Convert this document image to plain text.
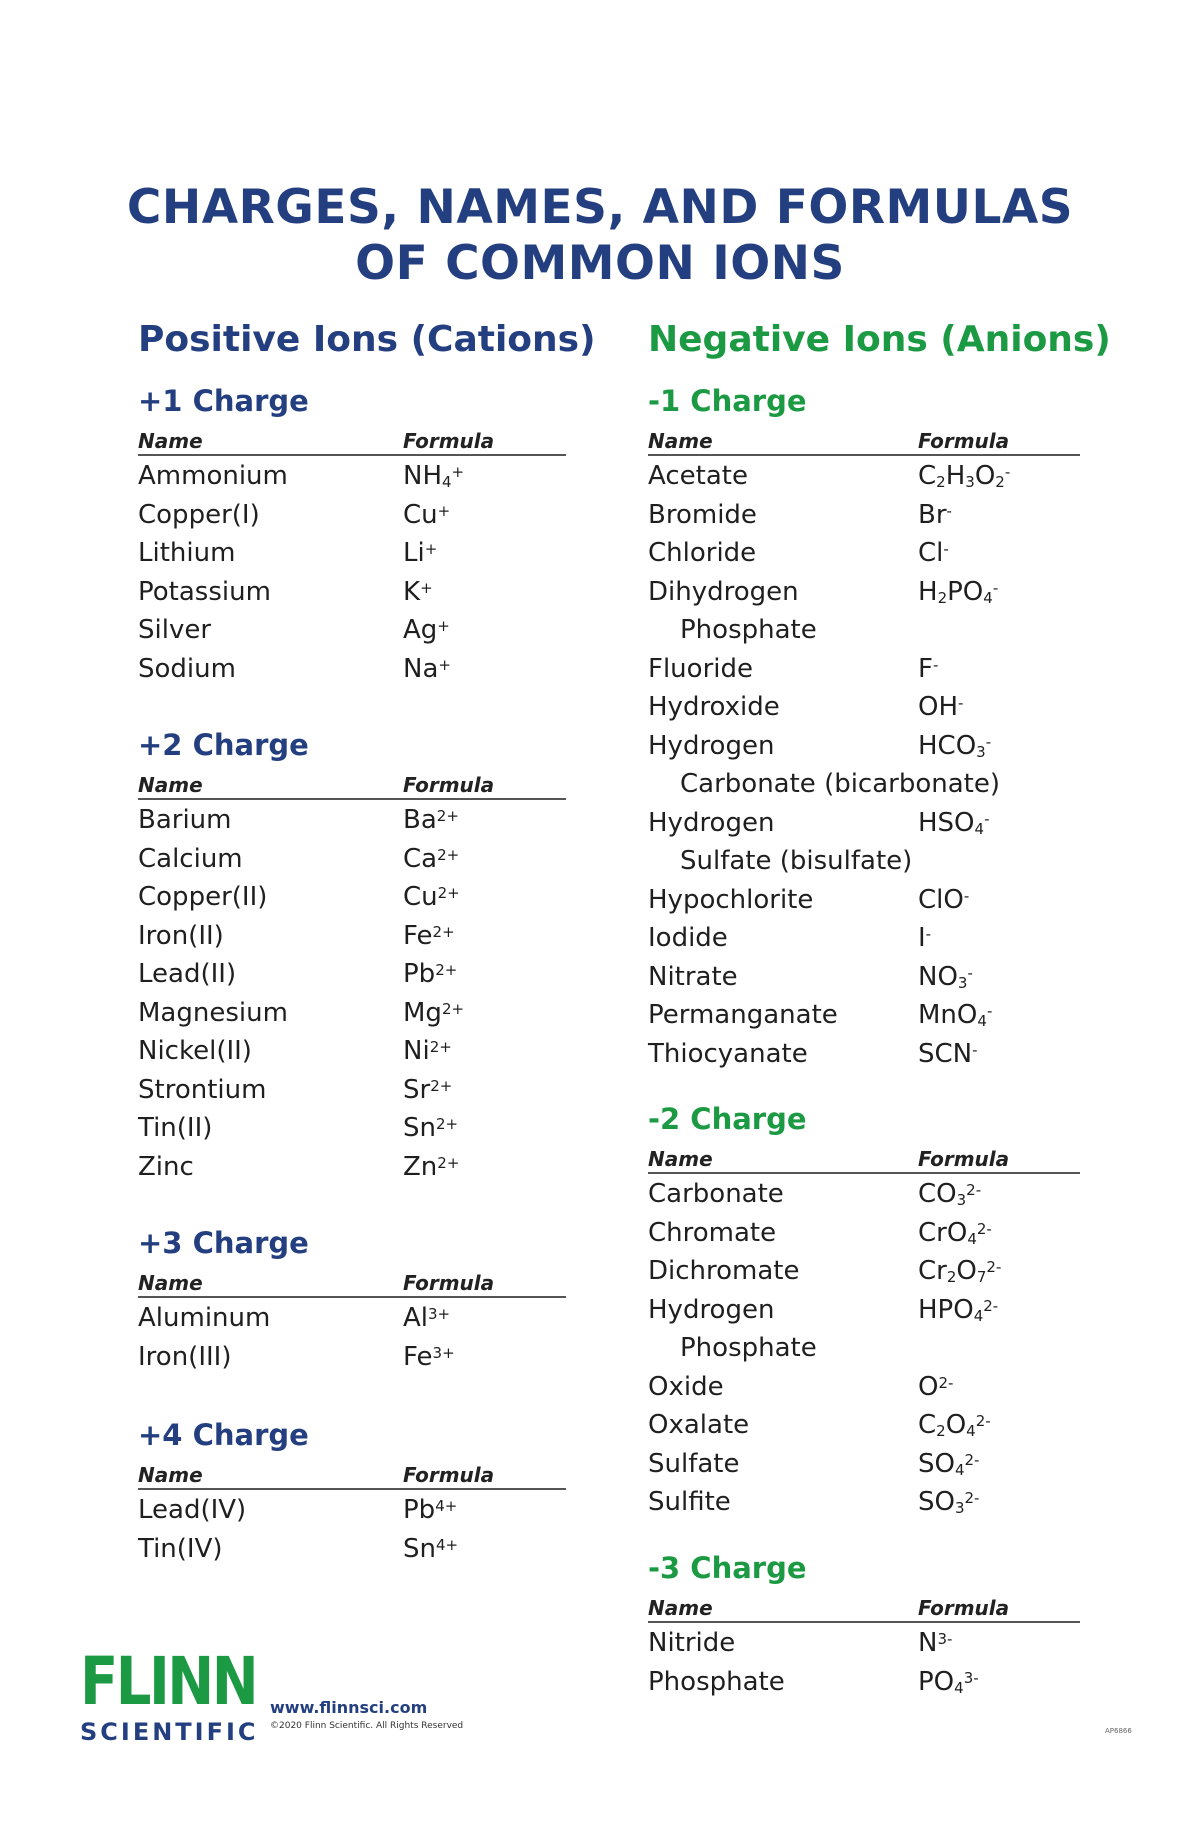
CHARGES, NAMES, AND FORMULAS
OF COMMON IONS
Positive Ions (Cations) Negative Ions (Anions)
+1 Charge
Name	Formula
Ammonium	$NH_4^+$
Copper(I)	Cu+
Lithium	Li+
Potassium	K+
Silver	Ag+
Sodium	Na+
+2 Charge
Name	Formula
Barium	$Ba^{2+}$
Calcium	$Ca^{2+}$
Copper(II)	$Cu^{2+}$
Iron(II)	$Fe^{2+}$
Lead(II)	$Pb^{2+}$
Magnesium	$Mg^{2+}$
Nickel(II)	$Ni^{2+}$
Strontium	$Sr^{2+}$
Tin(II)	$Sn^{2+}$
Zinc	$Zn^{2+}$
+3 Charge
Name	Formula
Aluminum	$Al^{3+}$
Iron(III)	$Fe^{3+}$
+4 Charge
Name	Formula
Lead(IV)	$Pb^{4+}$
Tin(IV)	$Sn^{4+}$
-1 Charge
Name	Formula
Acetate	$C_2H_3O_2^-$
Bromide	Br-
Chloride	Cl-
Dihydrogen	$H_2PO_4^-$
Phosphate
Fluoride	F-
Hydroxide	OH-
Hydrogen	$HCO_3^-$
Carbonate (bicarbonate)
Hydrogen	$HSO_4^-$
Sulfate (bisulfate)
Hypochlorite	ClO-
Iodide	I-
Nitrate	$NO_3^-$
Permanganate	MnO$_4$-
Thiocyanate	SCN-
-2 Charge
Name	Formula
Carbonate	$CO_3^{2-}$
Chromate	CrO$_4^{2-}$
Dichromate	$Cr_2O_7^{2-}$
Hydrogen	$HPO_4^{2-}$
Phosphate
Oxide	$O^{2-}$
Oxalate	$C_2O_4^{2-}$
Sulfate	$SO_4^{2-}$
Sulfite	$SO_3^{2-}$
-3 Charge
Name	Formula
Nitride	$N^{3-}$
Phosphate	$PO_4^{3-}$
FLINN
SCIENTIFIC
www.flinnsci.com
©2020 Flinn Scientific. All Rights Reserved	AP6866
